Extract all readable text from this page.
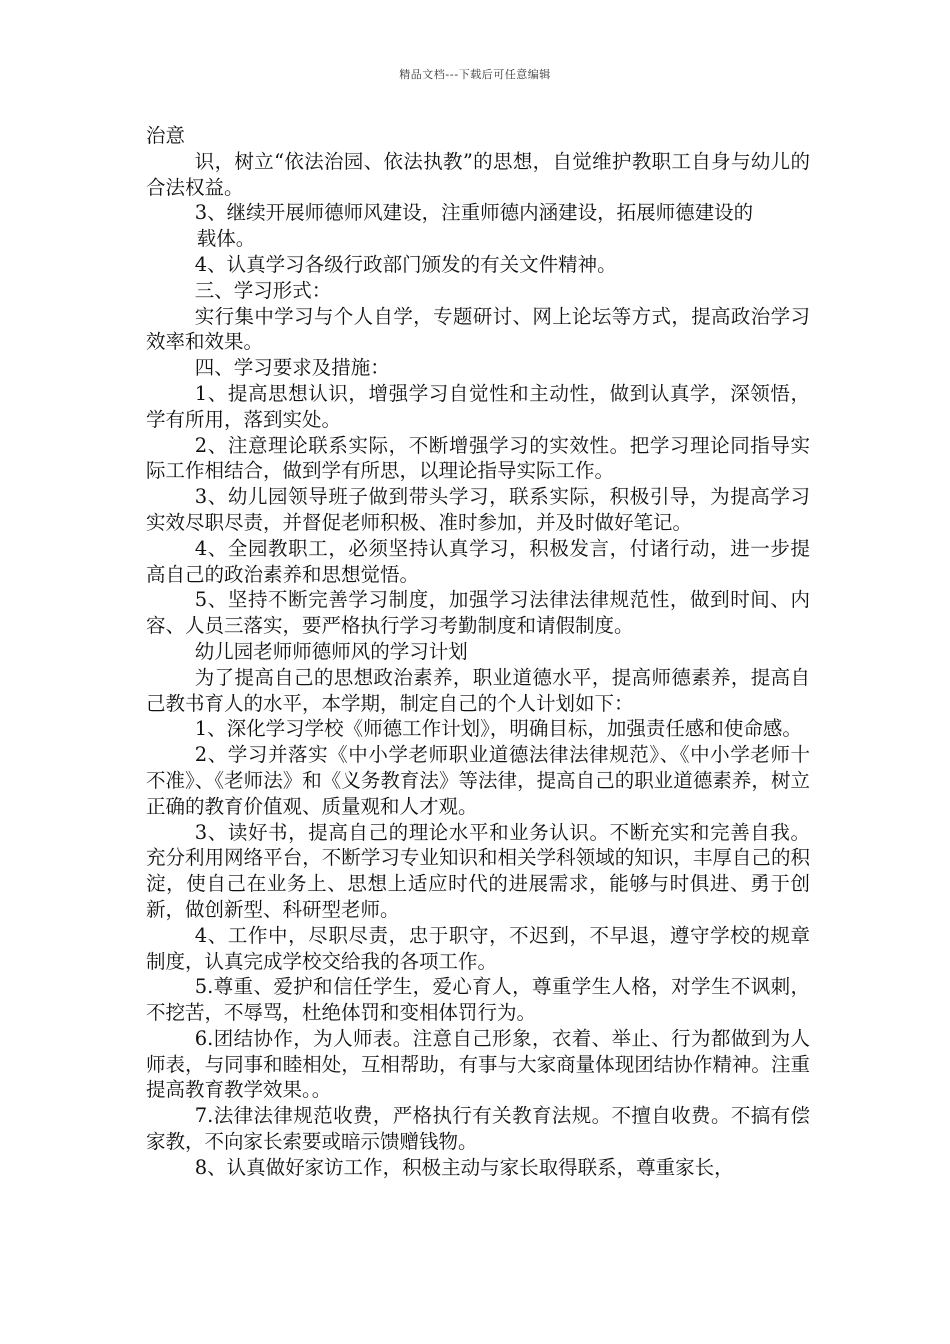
精品文档---下载后可任意编辑

治意

识，树立“依法治园、依法执教”的思想，自觉维护教职工自身与幼儿的合法权益。

3、继续开展师德师风建设，注重师德内涵建设，拓展师德建设的

载体。

4、认真学习各级行政部门颁发的有关文件精神。

三、学习形式：

实行集中学习与个人自学，专题研讨、网上论坛等方式，提高政治学习效率和效果。

四、学习要求及措施：

1、提高思想认识，增强学习自觉性和主动性，做到认真学，深领悟，学有所用，落到实处。

2、注意理论联系实际，不断增强学习的实效性。把学习理论同指导实际工作相结合，做到学有所思，以理论指导实际工作。

3、幼儿园领导班子做到带头学习，联系实际，积极引导，为提高学习实效尽职尽责，并督促老师积极、准时参加，并及时做好笔记。

4、全园教职工，必须坚持认真学习，积极发言，付诸行动，进一步提高自己的政治素养和思想觉悟。

5、坚持不断完善学习制度，加强学习法律法律规范性，做到时间、内容、人员三落实，要严格执行学习考勤制度和请假制度。

幼儿园老师师德师风的学习计划

为了提高自己的思想政治素养，职业道德水平，提高师德素养，提高自己教书育人的水平，本学期，制定自己的个人计划如下：

1、深化学习学校《师德工作计划》，明确目标，加强责任感和使命感。

2、学习并落实《中小学老师职业道德法律法律规范》、《中小学老师十不准》、《老师法》和《义务教育法》等法律，提高自己的职业道德素养，树立正确的教育价值观、质量观和人才观。

3、读好书，提高自己的理论水平和业务认识。不断充实和完善自我。充分利用网络平台，不断学习专业知识和相关学科领域的知识，丰厚自己的积淀，使自己在业务上、思想上适应时代的进展需求，能够与时俱进、勇于创新，做创新型、科研型老师。

4、工作中，尽职尽责，忠于职守，不迟到，不早退，遵守学校的规章制度，认真完成学校交给我的各项工作。

5.尊重、爱护和信任学生，爱心育人，尊重学生人格，对学生不讽刺，不挖苦，不辱骂，杜绝体罚和变相体罚行为。

6.团结协作，为人师表。注意自己形象，衣着、举止、行为都做到为人师表，与同事和睦相处，互相帮助，有事与大家商量体现团结协作精神。注重提高教育教学效果。。

7.法律法律规范收费，严格执行有关教育法规。不擅自收费。不搞有偿家教，不向家长索要或暗示馈赠钱物。

8、认真做好家访工作，积极主动与家长取得联系，尊重家长，
